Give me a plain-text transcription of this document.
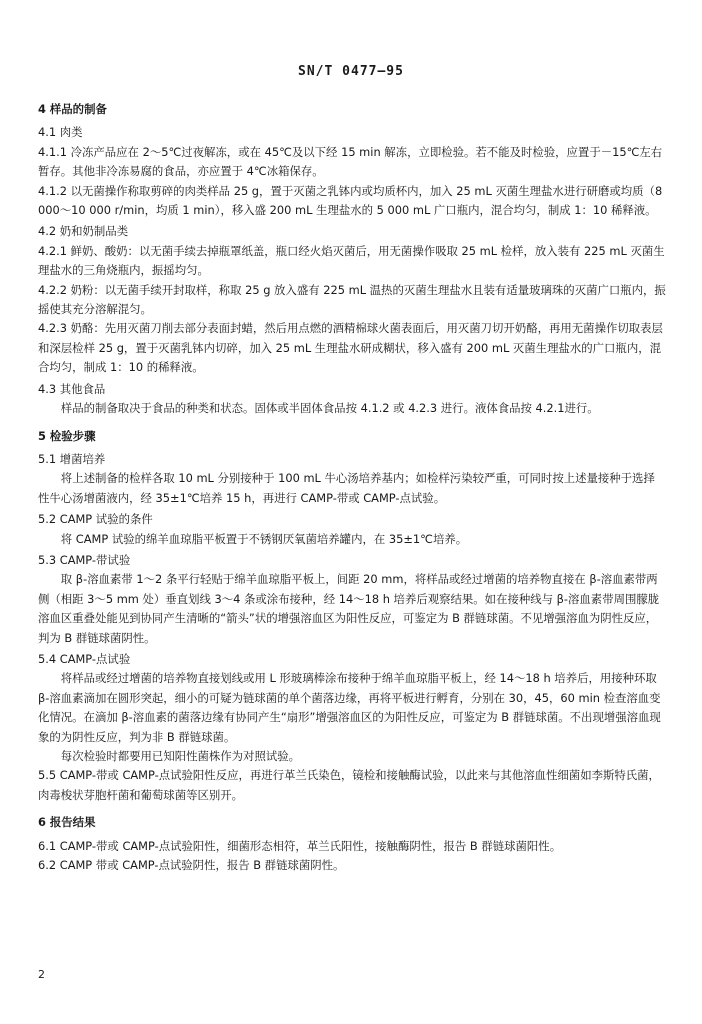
SN/T 0477—95

4 样品的制备

4.1 肉类

4.1.1 冷冻产品应在 2～5℃过夜解冻，或在 45℃及以下经 15 min 解冻，立即检验。若不能及时检验，应置于－15℃左右暂存。其他非冷冻易腐的食品，亦应置于 4℃冰箱保存。

4.1.2 以无菌操作称取剪碎的肉类样品 25 g，置于灭菌之乳钵内或均质杯内，加入 25 mL 灭菌生理盐水进行研磨或均质（8 000～10 000 r/min，均质 1 min），移入盛 200 mL 生理盐水的 5 000 mL 广口瓶内，混合均匀，制成 1：10 稀释液。

4.2 奶和奶制品类

4.2.1 鲜奶、酸奶：以无菌手续去掉瓶罩纸盖，瓶口经火焰灭菌后，用无菌操作吸取 25 mL 检样，放入装有 225 mL 灭菌生理盐水的三角烧瓶内，振摇均匀。

4.2.2 奶粉：以无菌手续开封取样，称取 25 g 放入盛有 225 mL 温热的灭菌生理盐水且装有适量玻璃珠的灭菌广口瓶内，振摇使其充分溶解混匀。

4.2.3 奶酪：先用灭菌刀削去部分表面封蜡，然后用点燃的酒精棉球火菌表面后，用灭菌刀切开奶酪，再用无菌操作切取表层和深层检样 25 g，置于灭菌乳钵内切碎，加入 25 mL 生理盐水研成糊状，移入盛有 200 mL 灭菌生理盐水的广口瓶内，混合均匀，制成 1：10 的稀释液。

4.3 其他食品

样品的制备取决于食品的种类和状态。固体或半固体食品按 4.1.2 或 4.2.3 进行。液体食品按 4.2.1进行。

5 检验步骤

5.1 增菌培养

将上述制备的检样各取 10 mL 分别接种于 100 mL 牛心汤培养基内；如检样污染较严重，可同时按上述量接种于选择性牛心汤增菌液内，经 35±1℃培养 15 h，再进行 CAMP-带或 CAMP-点试验。

5.2 CAMP 试验的条件

将 CAMP 试验的绵羊血琼脂平板置于不锈钢厌氧菌培养罐内，在 35±1℃培养。

5.3 CAMP-带试验

取 β-溶血素带 1～2 条平行轻贴于绵羊血琼脂平板上，间距 20 mm，将样品或经过增菌的培养物直接在 β-溶血素带两侧（相距 3～5 mm 处）垂直划线 3～4 条或涂布接种，经 14～18 h 培养后观察结果。如在接种线与 β-溶血素带周围朦胧溶血区重叠处能见到协同产生清晰的“箭头”状的增强溶血区为阳性反应，可鉴定为 B 群链球菌。不见增强溶血为阴性反应，判为 B 群链球菌阴性。

5.4 CAMP-点试验

将样品或经过增菌的培养物直接划线或用 L 形玻璃棒涂布接种于绵羊血琼脂平板上，经 14～18 h 培养后，用接种环取 β-溶血素滴加在圆形突起，细小的可疑为链球菌的单个菌落边缘，再将平板进行孵育，分别在 30，45，60 min 检查溶血变化情况。在滴加 β-溶血素的菌落边缘有协同产生“扇形”增强溶血区的为阳性反应，可鉴定为 B 群链球菌。不出现增强溶血现象的为阴性反应，判为非 B 群链球菌。

每次检验时都要用已知阳性菌株作为对照试验。

5.5 CAMP-带或 CAMP-点试验阳性反应，再进行革兰氏染色，镜检和接触酶试验，以此来与其他溶血性细菌如李斯特氏菌，肉毒梭状芽胞杆菌和葡萄球菌等区别开。

6 报告结果

6.1 CAMP-带或 CAMP-点试验阳性，细菌形态相符，革兰氏阳性，接触酶阴性，报告 B 群链球菌阳性。

6.2 CAMP 带或 CAMP-点试验阴性，报告 B 群链球菌阴性。

2
